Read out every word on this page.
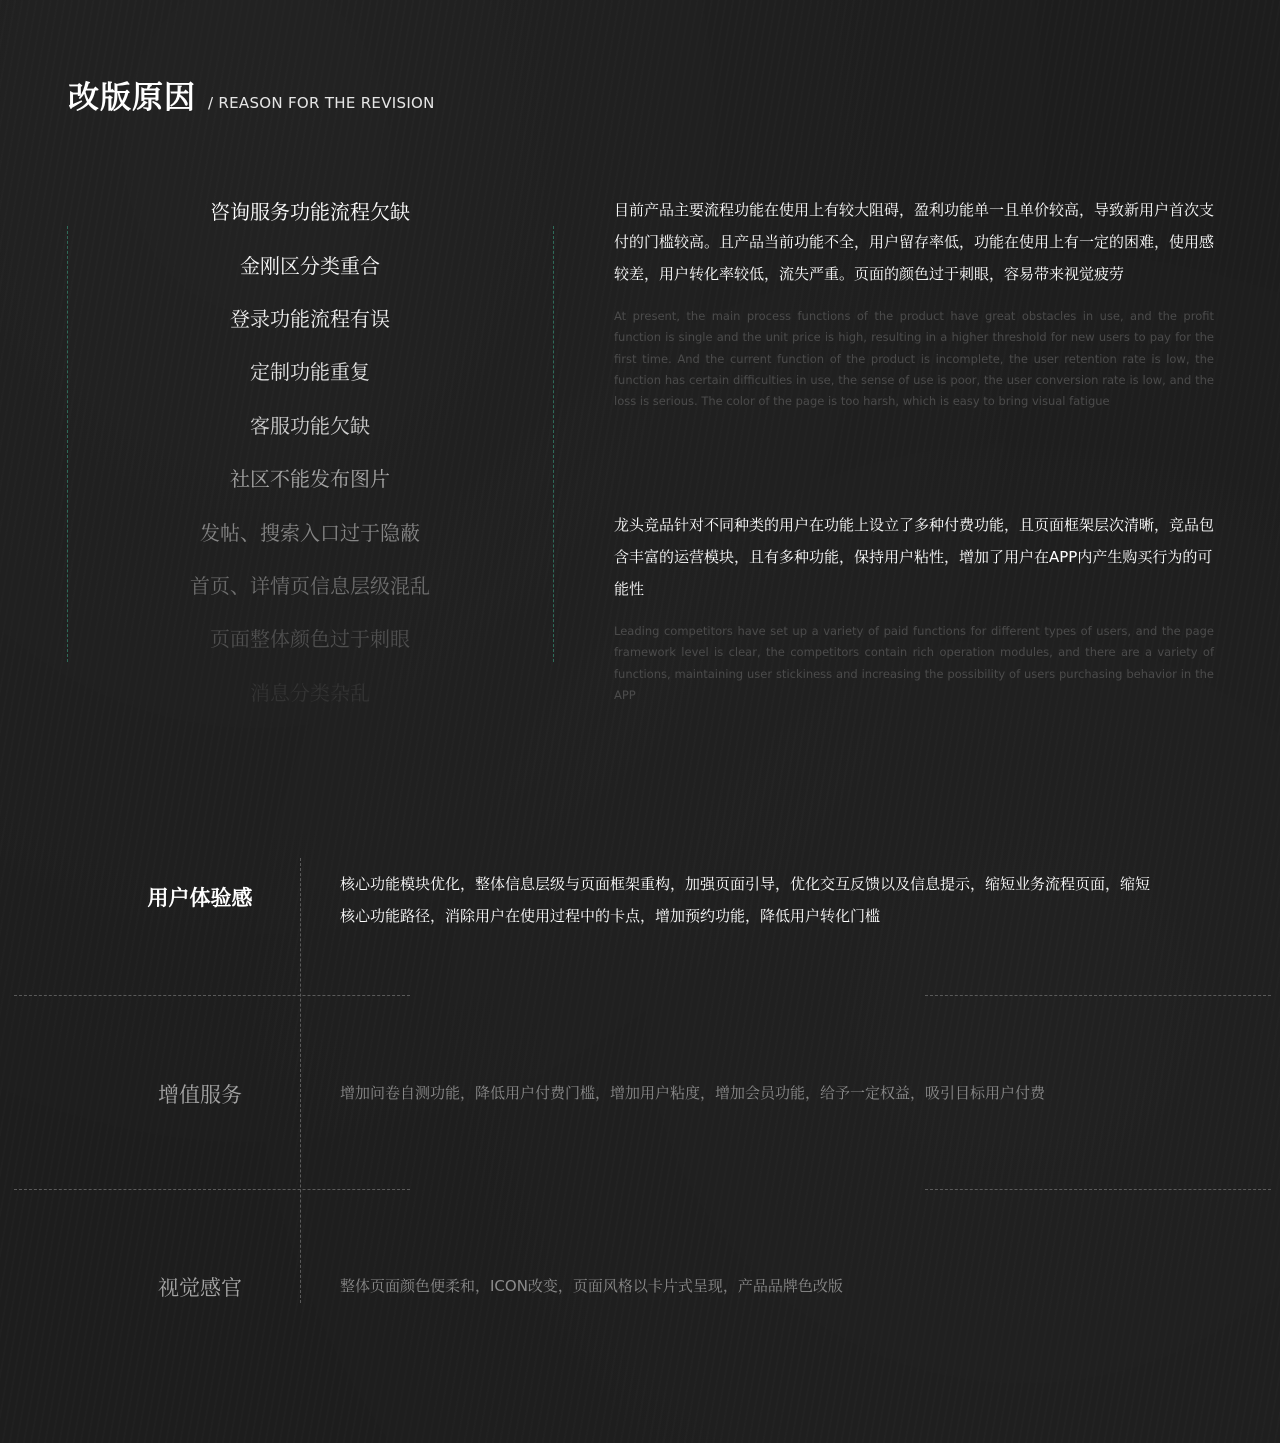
改版原因 / REASON FOR THE REVISION
咨询服务功能流程欠缺
金刚区分类重合
登录功能流程有误
定制功能重复
客服功能欠缺
社区不能发布图片
发帖、搜索入口过于隐蔽
首页、详情页信息层级混乱
页面整体颜色过于刺眼
消息分类杂乱
目前产品主要流程功能在使用上有较大阻碍，盈利功能单一且单价较高，导致新用户首次支付的门槛较高。且产品当前功能不全，用户留存率低，功能在使用上有一定的困难，使用感较差，用户转化率较低，流失严重。页面的颜色过于刺眼，容易带来视觉疲劳
At present, the main process functions of the product have great obstacles in use, and the profit function is single and the unit price is high, resulting in a higher threshold for new users to pay for the first time. And the current function of the product is incomplete, the user retention rate is low, the function has certain difficulties in use, the sense of use is poor, the user conversion rate is low, and the loss is serious. The color of the page is too harsh, which is easy to bring visual fatigue
龙头竞品针对不同种类的用户在功能上设立了多种付费功能，且页面框架层次清晰，竞品包含丰富的运营模块，且有多种功能，保持用户粘性，增加了用户在APP内产生购买行为的可能性
Leading competitors have set up a variety of paid functions for different types of users, and the page framework level is clear, the competitors contain rich operation modules, and there are a variety of functions, maintaining user stickiness and increasing the possibility of users purchasing behavior in the APP
用户体验感
核心功能模块优化，整体信息层级与页面框架重构，加强页面引导，优化交互反馈以及信息提示，缩短业务流程页面，缩短核心功能路径，消除用户在使用过程中的卡点，增加预约功能，降低用户转化门槛
增值服务	增加问卷自测功能，降低用户付费门槛，增加用户粘度，增加会员功能，给予一定权益，吸引目标用户付费
视觉感官	整体页面颜色便柔和，ICON改变，页面风格以卡片式呈现，产品品牌色改版
